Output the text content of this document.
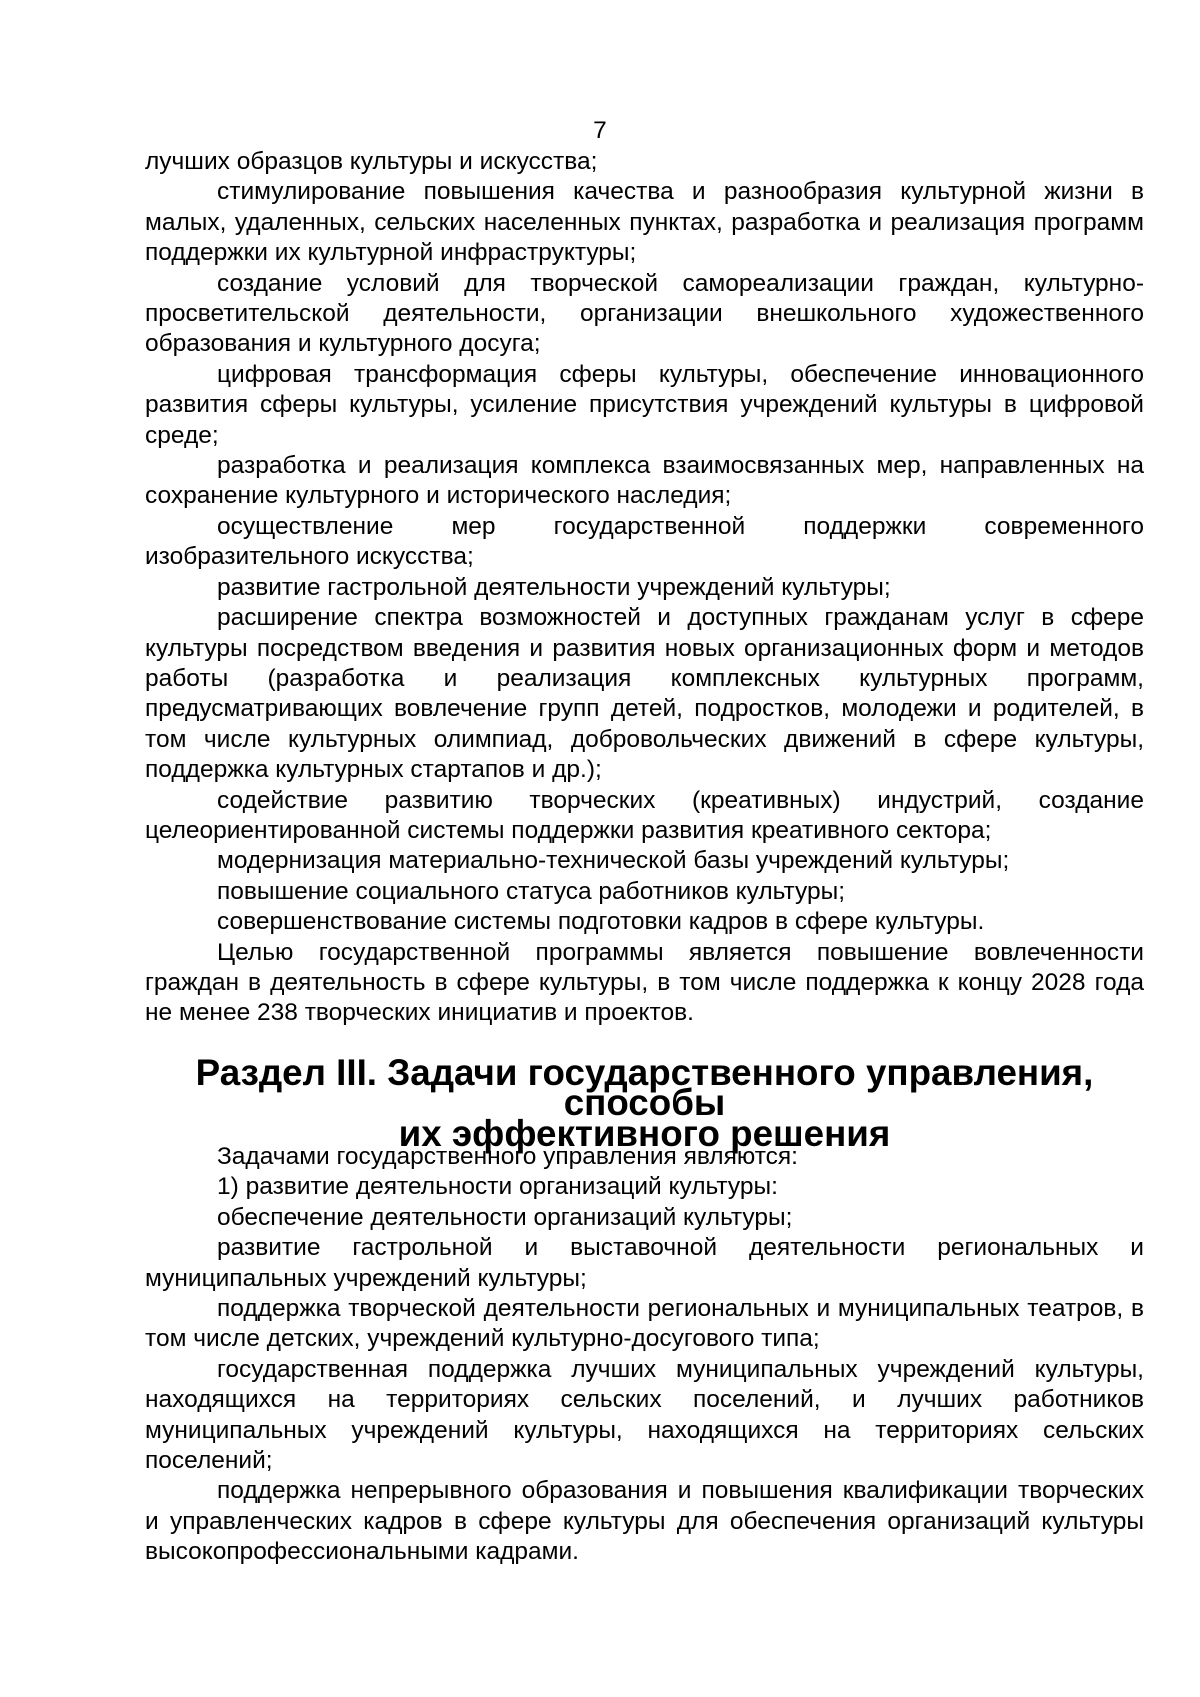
7

лучших образцов культуры и искусства;

стимулирование повышения качества и разнообразия культурной жизни в малых, удаленных, сельских населенных пунктах, разработка и реализация программ поддержки их культурной инфраструктуры;

создание условий для творческой самореализации граждан, культурно-просветительской деятельности, организации внешкольного художественного образования и культурного досуга;

цифровая трансформация сферы культуры, обеспечение инновационного развития сферы культуры, усиление присутствия учреждений культуры в цифровой среде;

разработка и реализация комплекса взаимосвязанных мер, направленных на сохранение культурного и исторического наследия;

осуществление мер государственной поддержки современного изобразительного искусства;

развитие гастрольной деятельности учреждений культуры;

расширение спектра возможностей и доступных гражданам услуг в сфере культуры посредством введения и развития новых организационных форм и методов работы (разработка и реализация комплексных культурных программ, предусматривающих вовлечение групп детей, подростков, молодежи и родителей, в том числе культурных олимпиад, добровольческих движений в сфере культуры, поддержка культурных стартапов и др.);

содействие развитию творческих (креативных) индустрий, создание целеориентированной системы поддержки развития креативного сектора;

модернизация материально-технической базы учреждений культуры;

повышение социального статуса работников культуры;

совершенствование системы подготовки кадров в сфере культуры.

Целью государственной программы является повышение вовлеченности граждан в деятельность в сфере культуры, в том числе поддержка к концу 2028 года не менее 238 творческих инициатив и проектов.

Раздел III. Задачи государственного управления, способы
их эффективного решения

Задачами государственного управления являются:

1) развитие деятельности организаций культуры:

обеспечение деятельности организаций культуры;

развитие гастрольной и выставочной деятельности региональных и муниципальных учреждений культуры;

поддержка творческой деятельности региональных и муниципальных театров, в том числе детских, учреждений культурно-досугового типа;

государственная поддержка лучших муниципальных учреждений культуры, находящихся на территориях сельских поселений, и лучших работников муниципальных учреждений культуры, находящихся на территориях сельских поселений;

поддержка непрерывного образования и повышения квалификации творческих и управленческих кадров в сфере культуры для обеспечения организаций культуры высокопрофессиональными кадрами.
